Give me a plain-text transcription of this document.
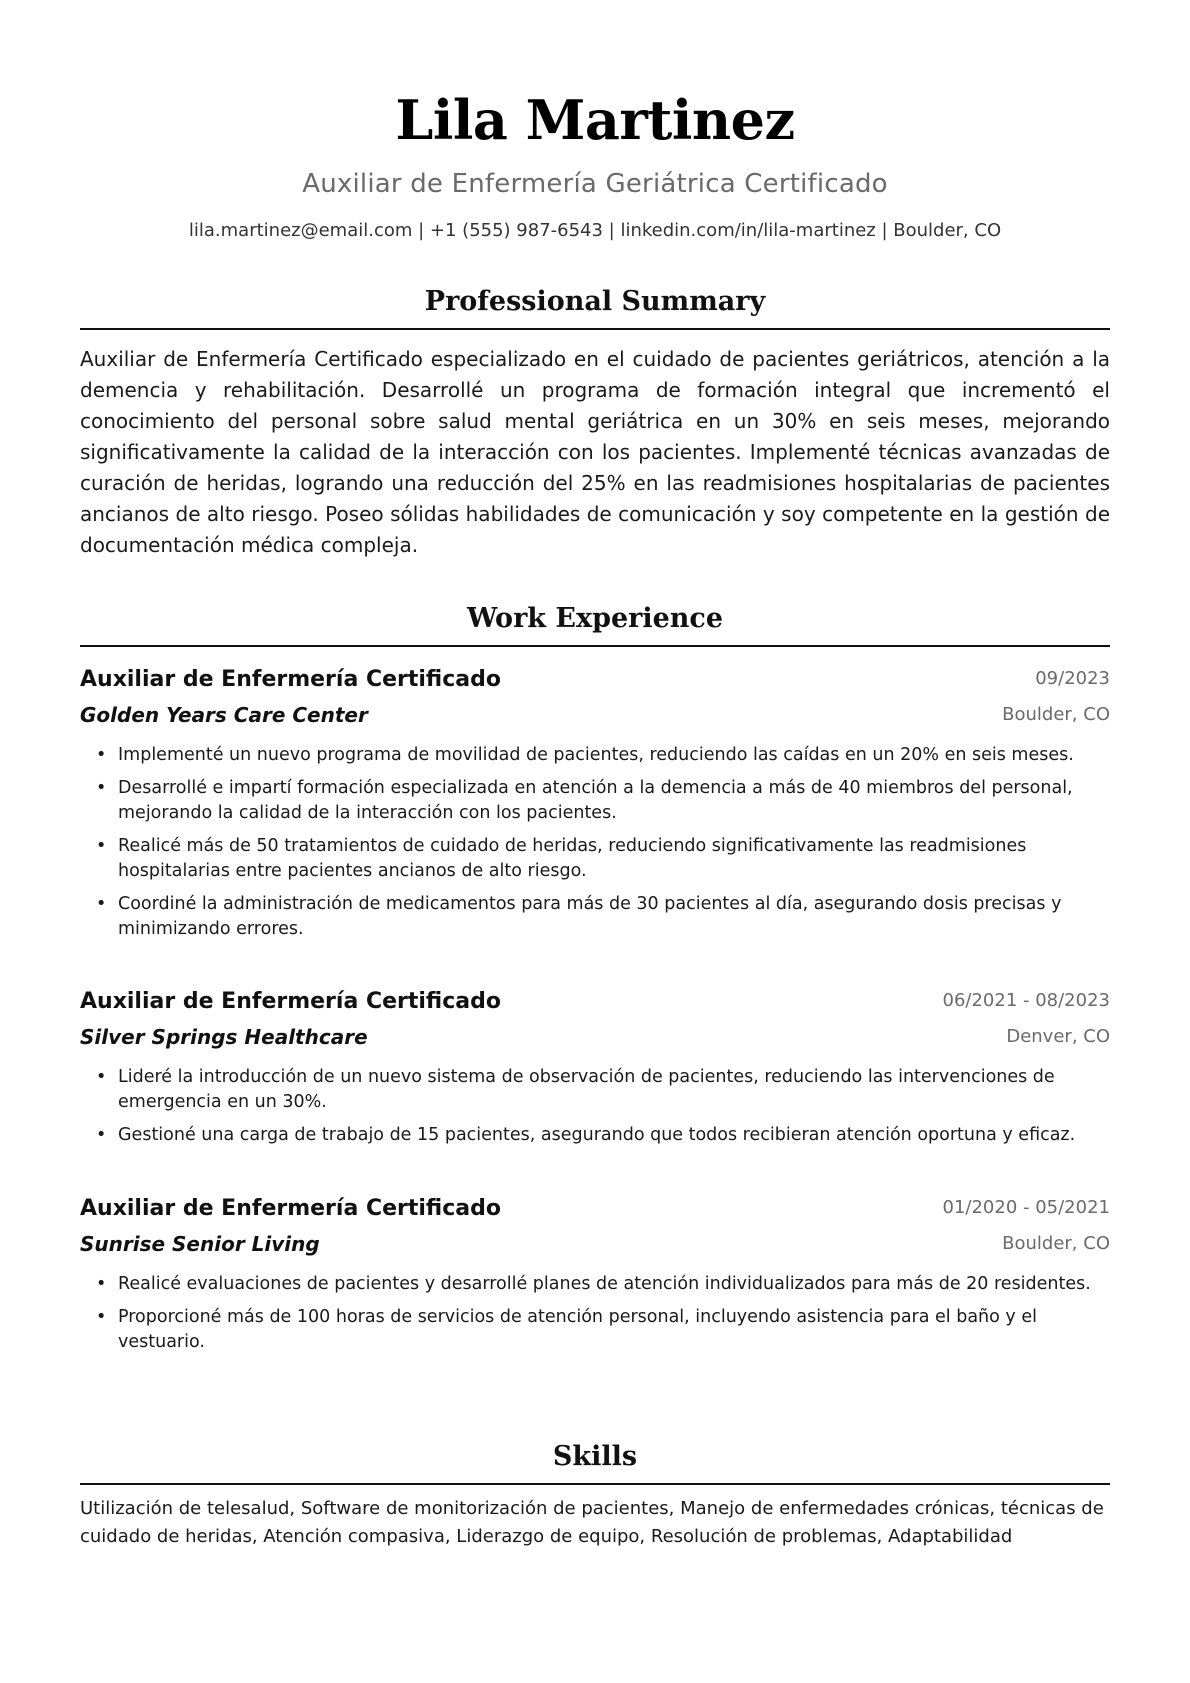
Lila Martinez
Auxiliar de Enfermería Geriátrica Certificado
lila.martinez@email.com | +1 (555) 987-6543 | linkedin.com/in/lila-martinez | Boulder, CO
Professional Summary
Auxiliar de Enfermería Certificado especializado en el cuidado de pacientes geriátricos, atención a la demencia y rehabilitación. Desarrollé un programa de formación integral que incrementó el conocimiento del personal sobre salud mental geriátrica en un 30% en seis meses, mejorando significativamente la calidad de la interacción con los pacientes. Implementé técnicas avanzadas de curación de heridas, logrando una reducción del 25% en las readmisiones hospitalarias de pacientes ancianos de alto riesgo. Poseo sólidas habilidades de comunicación y soy competente en la gestión de documentación médica compleja.
Work Experience
Auxiliar de Enfermería Certificado	09/2023
Golden Years Care Center	Boulder, CO
• Implementé un nuevo programa de movilidad de pacientes, reduciendo las caídas en un 20% en seis meses.
• Desarrollé e impartí formación especializada en atención a la demencia a más de 40 miembros del personal, mejorando la calidad de la interacción con los pacientes.
• Realicé más de 50 tratamientos de cuidado de heridas, reduciendo significativamente las readmisiones hospitalarias entre pacientes ancianos de alto riesgo.
• Coordiné la administración de medicamentos para más de 30 pacientes al día, asegurando dosis precisas y minimizando errores.
Auxiliar de Enfermería Certificado	06/2021 - 08/2023
Silver Springs Healthcare	Denver, CO
• Lideré la introducción de un nuevo sistema de observación de pacientes, reduciendo las intervenciones de emergencia en un 30%.
• Gestioné una carga de trabajo de 15 pacientes, asegurando que todos recibieran atención oportuna y eficaz.
Auxiliar de Enfermería Certificado	01/2020 - 05/2021
Sunrise Senior Living	Boulder, CO
• Realicé evaluaciones de pacientes y desarrollé planes de atención individualizados para más de 20 residentes.
• Proporcioné más de 100 horas de servicios de atención personal, incluyendo asistencia para el baño y el vestuario.
Skills
Utilización de telesalud, Software de monitorización de pacientes, Manejo de enfermedades crónicas, técnicas de cuidado de heridas, Atención compasiva, Liderazgo de equipo, Resolución de problemas, Adaptabilidad
